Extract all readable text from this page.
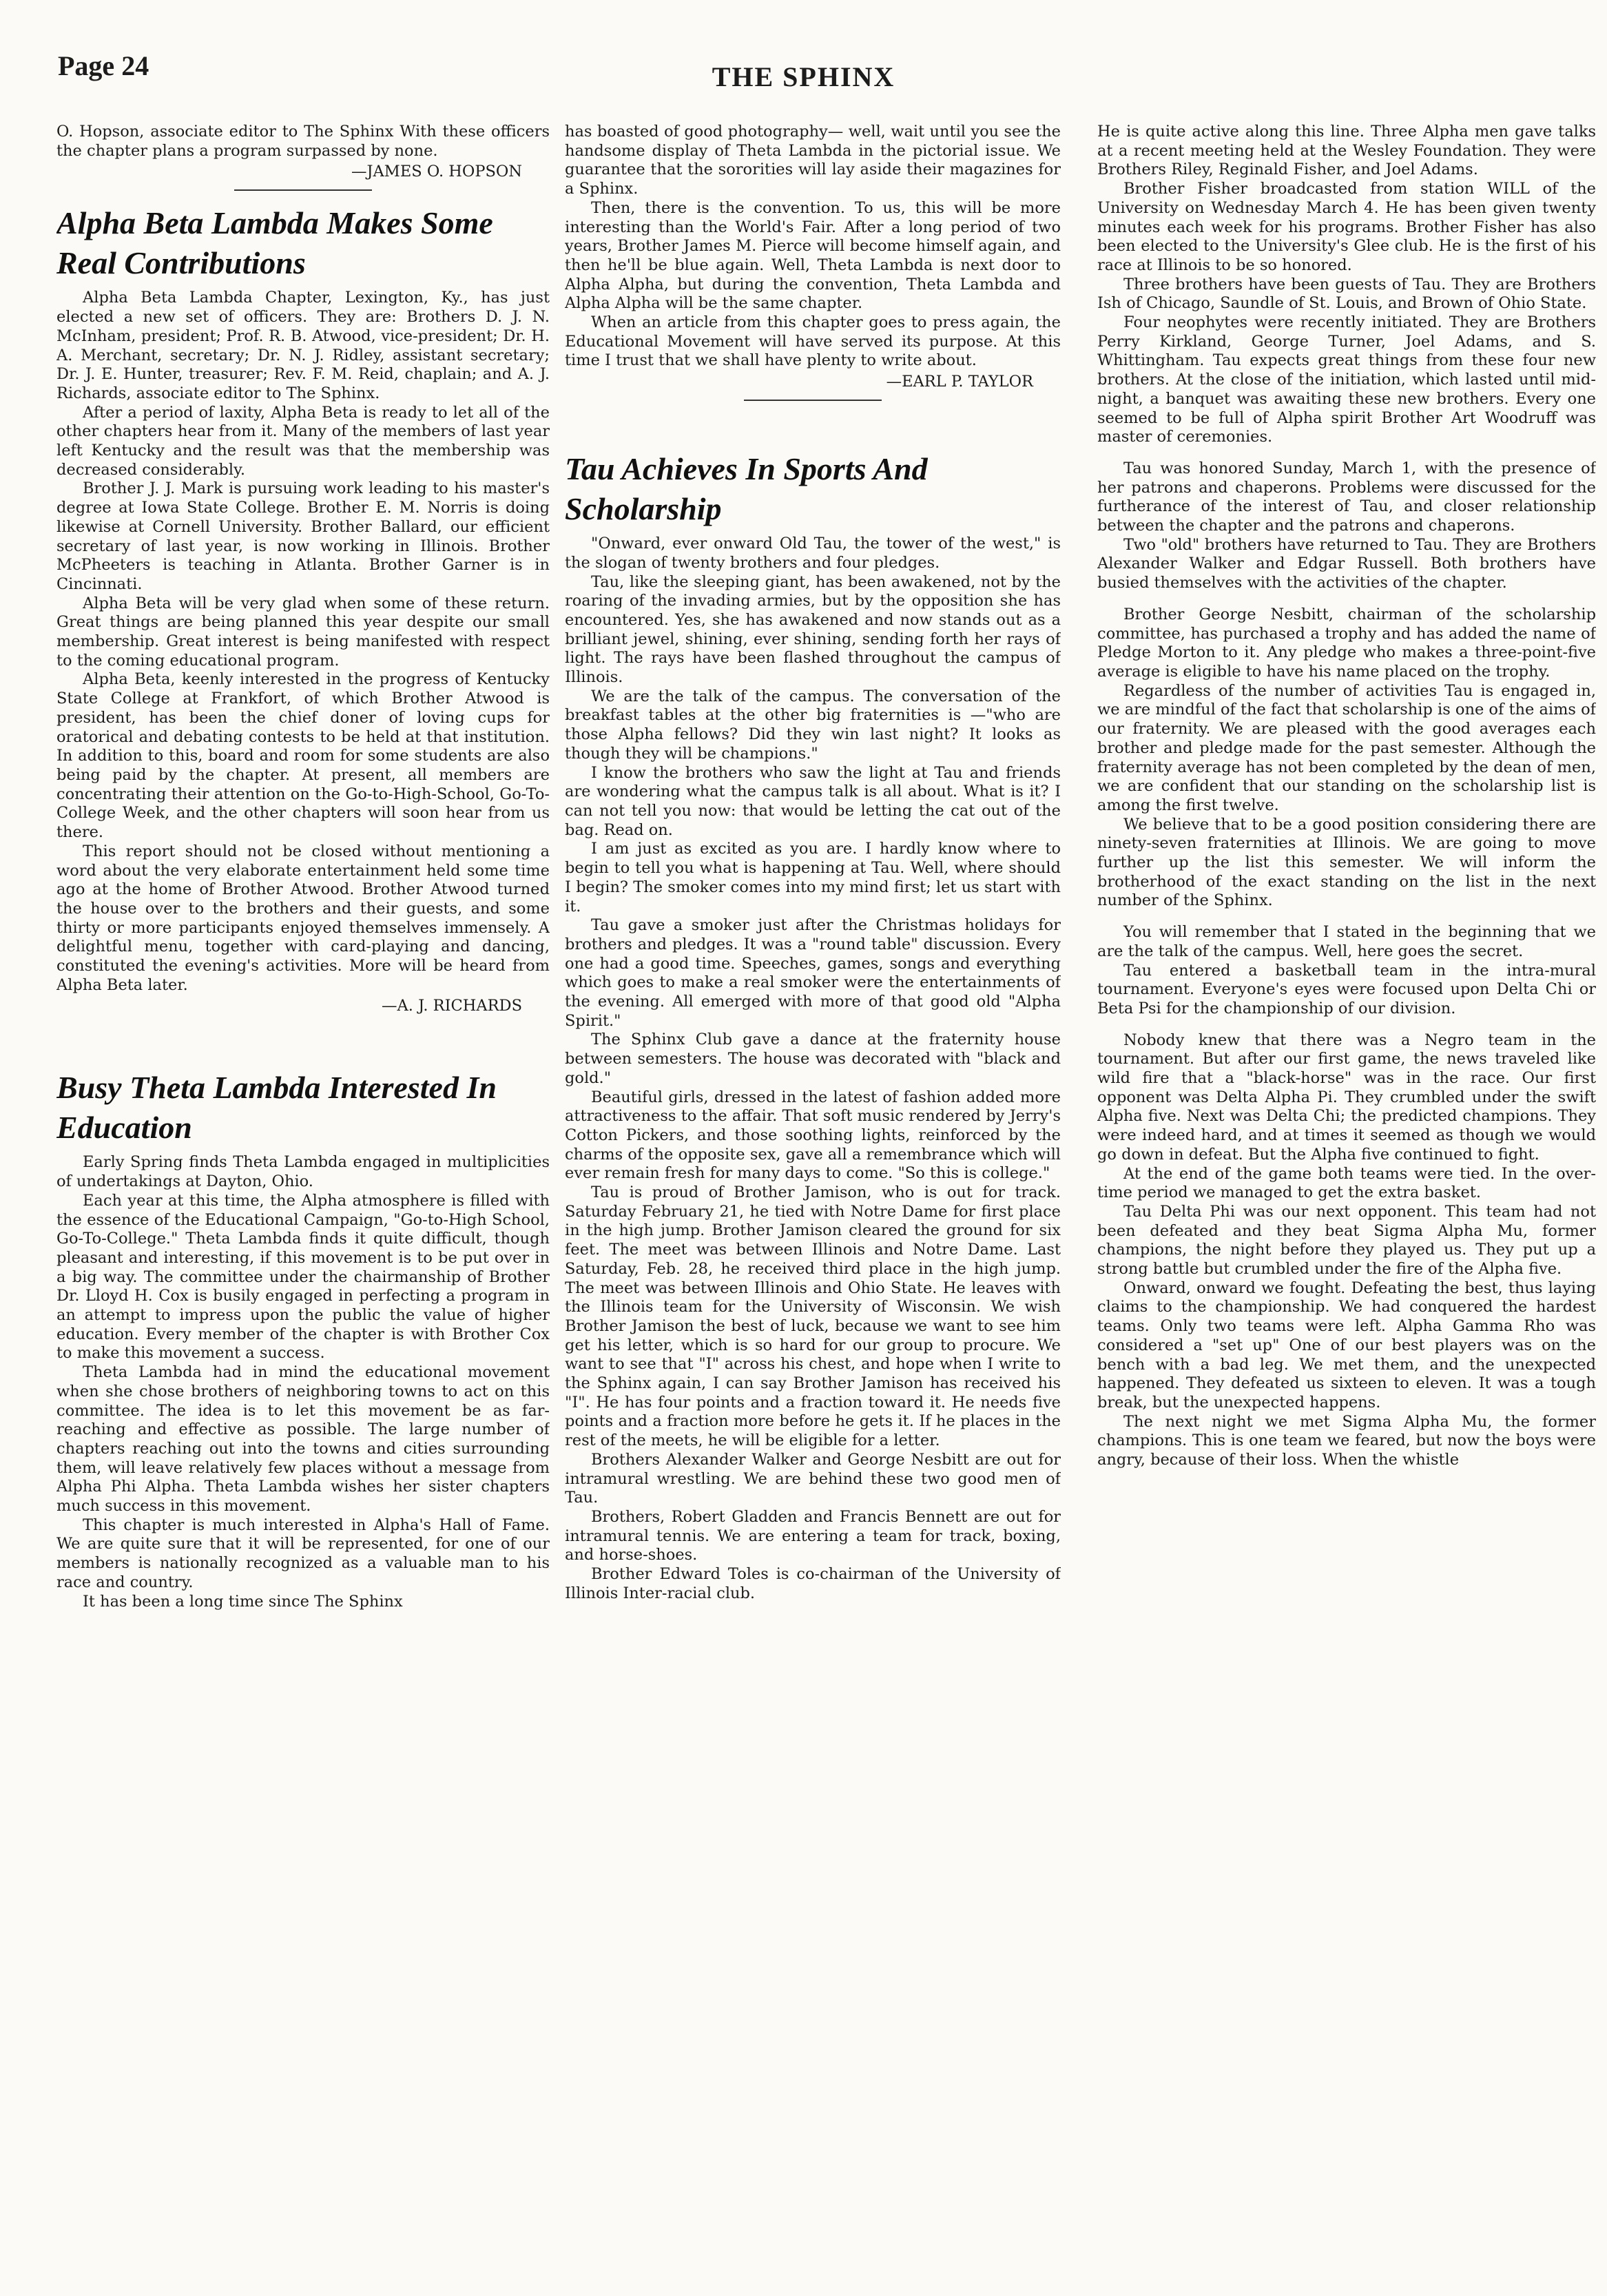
Page 24	THE SPHINX

O. Hopson, associate editor to The Sphinx With these officers the chapter plans a program surpassed by none.

—JAMES O. HOPSON
Alpha Beta Lambda Makes Some Real Contributions

Alpha Beta Lambda Chapter, Lexington, Ky., has just elected a new set of officers. They are: Brothers D. J. N. McInham, president; Prof. R. B. Atwood, vice-president; Dr. H. A. Merchant, secretary; Dr. N. J. Ridley, assistant secretary; Dr. J. E. Hunter, treasurer; Rev. F. M. Reid, chaplain; and A. J. Richards, associate editor to The Sphinx.

After a period of laxity, Alpha Beta is ready to let all of the other chapters hear from it. Many of the members of last year left Kentucky and the result was that the membership was decreased considerably.

Brother J. J. Mark is pursuing work leading to his master's degree at Iowa State College. Brother E. M. Norris is doing likewise at Cornell University. Brother Ballard, our efficient secretary of last year, is now working in Illinois. Brother McPheeters is teaching in Atlanta. Brother Garner is in Cincinnati.

Alpha Beta will be very glad when some of these return. Great things are being planned this year despite our small membership. Great interest is being manifested with respect to the coming educational program.

Alpha Beta, keenly interested in the progress of Kentucky State College at Frankfort, of which Brother Atwood is president, has been the chief doner of loving cups for oratorical and debating contests to be held at that institution. In addition to this, board and room for some students are also being paid by the chapter. At present, all members are concentrating their attention on the Go-to-High-School, Go-To-College Week, and the other chapters will soon hear from us there.

This report should not be closed without mentioning a word about the very elaborate entertainment held some time ago at the home of Brother Atwood. Brother Atwood turned the house over to the brothers and their guests, and some thirty or more participants enjoyed themselves immensely. A delightful menu, together with card-playing and dancing, constituted the evening's activities. More will be heard from Alpha Beta later.

—A. J. RICHARDS
Busy Theta Lambda Interested In Education

Early Spring finds Theta Lambda engaged in multiplicities of undertakings at Dayton, Ohio.

Each year at this time, the Alpha atmosphere is filled with the essence of the Educational Campaign, "Go-to-High School, Go-To-College." Theta Lambda finds it quite difficult, though pleasant and interesting, if this movement is to be put over in a big way. The committee under the chairmanship of Brother Dr. Lloyd H. Cox is busily engaged in perfecting a program in an attempt to impress upon the public the value of higher education. Every member of the chapter is with Brother Cox to make this movement a success.

Theta Lambda had in mind the educational movement when she chose brothers of neighboring towns to act on this committee. The idea is to let this movement be as far-reaching and effective as possible. The large number of chapters reaching out into the towns and cities surrounding them, will leave relatively few places without a message from Alpha Phi Alpha. Theta Lambda wishes her sister chapters much success in this movement.

This chapter is much interested in Alpha's Hall of Fame. We are quite sure that it will be represented, for one of our members is nationally recognized as a valuable man to his race and country.

It has been a long time since The Sphinx

has boasted of good photography— well, wait until you see the handsome display of Theta Lambda in the pictorial issue. We guarantee that the sororities will lay aside their magazines for a Sphinx.

Then, there is the convention. To us, this will be more interesting than the World's Fair. After a long period of two years, Brother James M. Pierce will become himself again, and then he'll be blue again. Well, Theta Lambda is next door to Alpha Alpha, but during the convention, Theta Lambda and Alpha Alpha will be the same chapter.

When an article from this chapter goes to press again, the Educational Movement will have served its purpose. At this time I trust that we shall have plenty to write about.

—EARL P. TAYLOR
Tau Achieves In Sports And Scholarship

"Onward, ever onward Old Tau, the tower of the west," is the slogan of twenty brothers and four pledges.

Tau, like the sleeping giant, has been awakened, not by the roaring of the invading armies, but by the opposition she has encountered. Yes, she has awakened and now stands out as a brilliant jewel, shining, ever shining, sending forth her rays of light. The rays have been flashed throughout the campus of Illinois.

We are the talk of the campus. The conversation of the breakfast tables at the other big fraternities is —"who are those Alpha fellows? Did they win last night? It looks as though they will be champions."

I know the brothers who saw the light at Tau and friends are wondering what the campus talk is all about. What is it? I can not tell you now: that would be letting the cat out of the bag. Read on.

I am just as excited as you are. I hardly know where to begin to tell you what is happening at Tau. Well, where should I begin? The smoker comes into my mind first; let us start with it.

Tau gave a smoker just after the Christmas holidays for brothers and pledges. It was a "round table" discussion. Every one had a good time. Speeches, games, songs and everything which goes to make a real smoker were the entertainments of the evening. All emerged with more of that good old "Alpha Spirit."

The Sphinx Club gave a dance at the fraternity house between semesters. The house was decorated with "black and gold."

Beautiful girls, dressed in the latest of fashion added more attractiveness to the affair. That soft music rendered by Jerry's Cotton Pickers, and those soothing lights, reinforced by the charms of the opposite sex, gave all a remembrance which will ever remain fresh for many days to come. "So this is college."

Tau is proud of Brother Jamison, who is out for track. Saturday February 21, he tied with Notre Dame for first place in the high jump. Brother Jamison cleared the ground for six feet. The meet was between Illinois and Notre Dame. Last Saturday, Feb. 28, he received third place in the high jump. The meet was between Illinois and Ohio State. He leaves with the Illinois team for the University of Wisconsin. We wish Brother Jamison the best of luck, because we want to see him get his letter, which is so hard for our group to procure. We want to see that "I" across his chest, and hope when I write to the Sphinx again, I can say Brother Jamison has received his "I". He has four points and a fraction toward it. He needs five points and a fraction more before he gets it. If he places in the rest of the meets, he will be eligible for a letter.

Brothers Alexander Walker and George Nesbitt are out for intramural wrestling. We are behind these two good men of Tau.

Brothers, Robert Gladden and Francis Bennett are out for intramural tennis. We are entering a team for track, boxing, and horse-shoes.

Brother Edward Toles is co-chairman of the University of Illinois Inter-racial club.

He is quite active along this line. Three Alpha men gave talks at a recent meeting held at the Wesley Foundation. They were Brothers Riley, Reginald Fisher, and Joel Adams.

Brother Fisher broadcasted from station WILL of the University on Wednesday March 4. He has been given twenty minutes each week for his programs. Brother Fisher has also been elected to the University's Glee club. He is the first of his race at Illinois to be so honored.

Three brothers have been guests of Tau. They are Brothers Ish of Chicago, Saundle of St. Louis, and Brown of Ohio State.

Four neophytes were recently initiated. They are Brothers Perry Kirkland, George Turner, Joel Adams, and S. Whittingham. Tau expects great things from these four new brothers. At the close of the initiation, which lasted until mid-night, a banquet was awaiting these new brothers. Every one seemed to be full of Alpha spirit Brother Art Woodruff was master of ceremonies.

Tau was honored Sunday, March 1, with the presence of her patrons and chaperons. Problems were discussed for the furtherance of the interest of Tau, and closer relationship between the chapter and the patrons and chaperons.

Two "old" brothers have returned to Tau. They are Brothers Alexander Walker and Edgar Russell. Both brothers have busied themselves with the activities of the chapter.

Brother George Nesbitt, chairman of the scholarship committee, has purchased a trophy and has added the name of Pledge Morton to it. Any pledge who makes a three-point-five average is eligible to have his name placed on the trophy.

Regardless of the number of activities Tau is engaged in, we are mindful of the fact that scholarship is one of the aims of our fraternity. We are pleased with the good averages each brother and pledge made for the past semester. Although the fraternity average has not been completed by the dean of men, we are confident that our standing on the scholarship list is among the first twelve.

We believe that to be a good position considering there are ninety-seven fraternities at Illinois. We are going to move further up the list this semester. We will inform the brotherhood of the exact standing on the list in the next number of the Sphinx.

You will remember that I stated in the beginning that we are the talk of the campus. Well, here goes the secret.

Tau entered a basketball team in the intra-mural tournament. Everyone's eyes were focused upon Delta Chi or Beta Psi for the championship of our division.

Nobody knew that there was a Negro team in the tournament. But after our first game, the news traveled like wild fire that a "black-horse" was in the race. Our first opponent was Delta Alpha Pi. They crumbled under the swift Alpha five. Next was Delta Chi; the predicted champions. They were indeed hard, and at times it seemed as though we would go down in defeat. But the Alpha five continued to fight.

At the end of the game both teams were tied. In the over-time period we managed to get the extra basket.

Tau Delta Phi was our next opponent. This team had not been defeated and they beat Sigma Alpha Mu, former champions, the night before they played us. They put up a strong battle but crumbled under the fire of the Alpha five.

Onward, onward we fought. Defeating the best, thus laying claims to the championship. We had conquered the hardest teams. Only two teams were left. Alpha Gamma Rho was considered a "set up" One of our best players was on the bench with a bad leg. We met them, and the unexpected happened. They defeated us sixteen to eleven. It was a tough break, but the unexpected happens.

The next night we met Sigma Alpha Mu, the former champions. This is one team we feared, but now the boys were angry, because of their loss. When the whistle
